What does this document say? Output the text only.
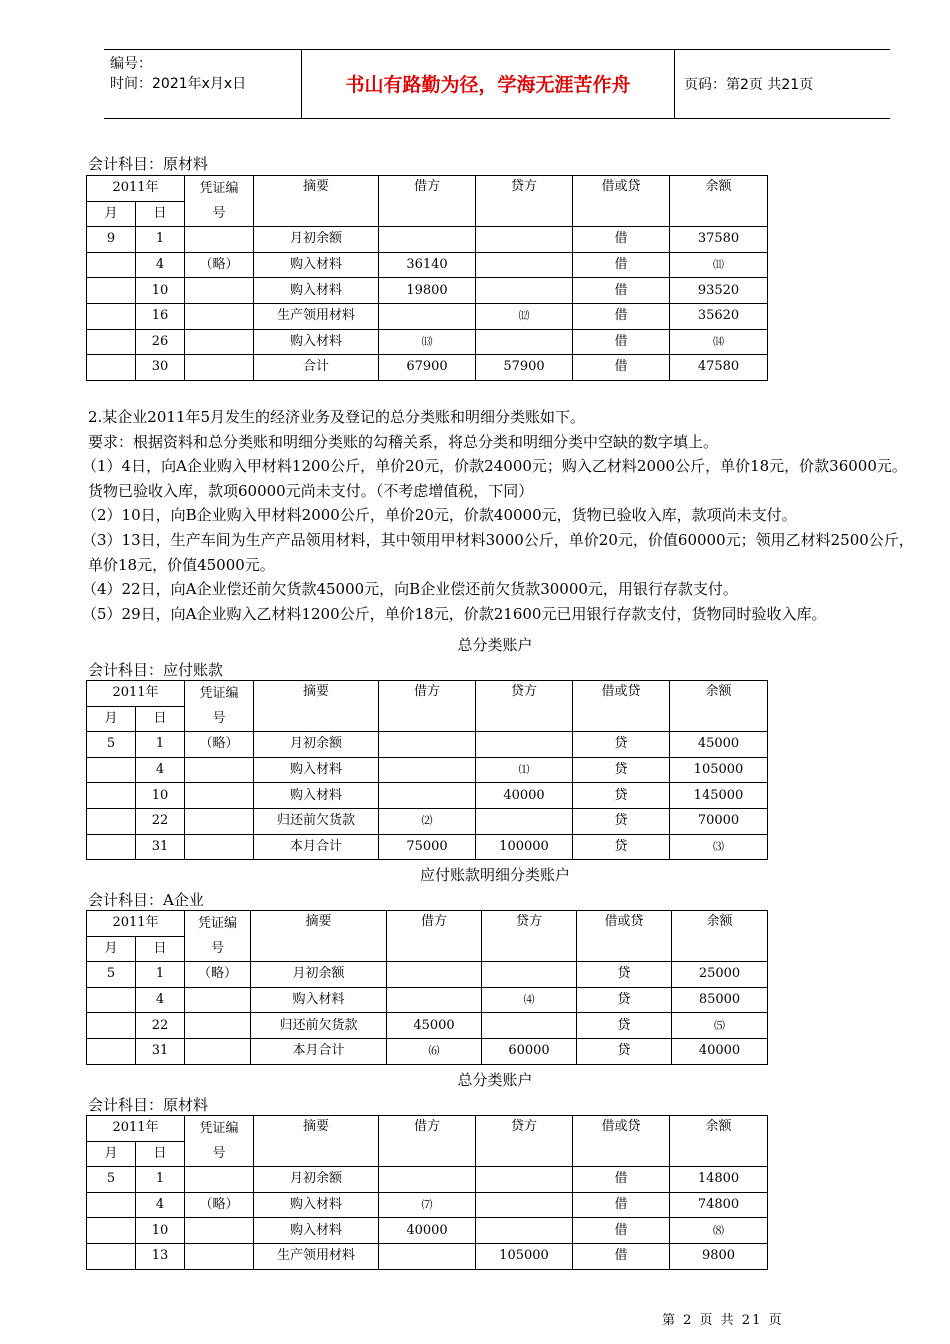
编号：
时间：2021年x月x日	书山有路勤为径，学海无涯苦作舟	页码：第2页 共21页
会计科目：原材料
2011年		凭证编
号	摘要	借方	贷方	借或贷	余额
月	日						
9	1		月初余额			借	37580
	4	（略）	购入材料	36140		借	⑾
	10		购入材料	19800		借	93520
	16		生产领用材料		⑿	借	35620
	26		购入材料	⒀		借	⒁
	30		合计	67900	57900	借	47580

2.某企业2011年5月发生的经济业务及登记的总分类账和明细分类账如下。

要求：根据资料和总分类账和明细分类账的勾稽关系，将总分类和明细分类中空缺的数字填上。

（1）4日，向A企业购入甲材料1200公斤，单价20元，价款24000元；购入乙材料2000公斤，单价18元，价款36000元。货物已验收入库，款项60000元尚未支付。（不考虑增值税，下同）

（2）10日，向B企业购入甲材料2000公斤，单价20元，价款40000元，货物已验收入库，款项尚未支付。

（3）13日，生产车间为生产产品领用材料，其中领用甲材料3000公斤，单价20元，价值60000元；领用乙材料2500公斤，单价18元，价值45000元。

（4）22日，向A企业偿还前欠货款45000元，向B企业偿还前欠货款30000元，用银行存款支付。

（5）29日，向A企业购入乙材料1200公斤，单价18元，价款21600元已用银行存款支付，货物同时验收入库。

总分类账户
会计科目：应付账款
2011年		凭证编
号	摘要	借方	贷方	借或贷	余额
月	日						
5	1	（略）	月初余额			贷	45000
	4		购入材料		⑴	贷	105000
	10		购入材料		40000	贷	145000
	22		归还前欠货款	⑵		贷	70000
	31		本月合计	75000	100000	贷	⑶
应付账款明细分类账户
会计科目：A企业
2011年		凭证编
号	摘要	借方	贷方	借或贷	余额
月	日						
5	1	（略）	月初余额			贷	25000
	4		购入材料		⑷	贷	85000
	22		归还前欠货款	45000		贷	⑸
	31		本月合计	⑹	60000	贷	40000
总分类账户
会计科目：原材料
2011年		凭证编
号	摘要	借方	贷方	借或贷	余额
月	日						
5	1		月初余额			借	14800
	4	（略）	购入材料	⑺		借	74800
	10		购入材料	40000		借	⑻
	13		生产领用材料		105000	借	9800
第 2 页 共 21 页
